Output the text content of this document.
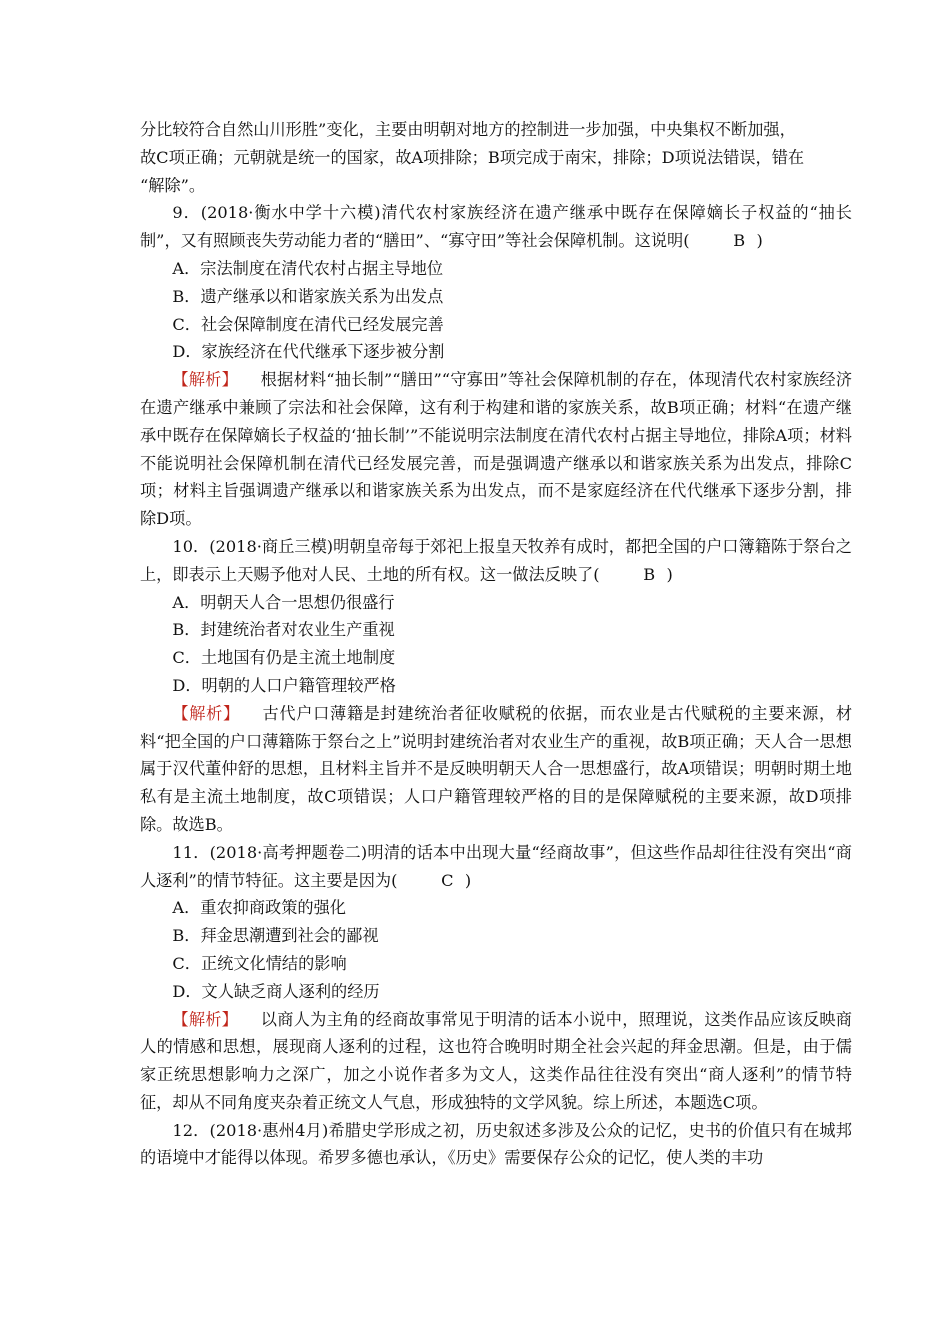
分比较符合自然山川形胜”变化，主要由明朝对地方的控制进一步加强，中央集权不断加强，

故C项正确；元朝就是统一的国家，故A项排除；B项完成于南宋，排除；D项说法错误，错在

“解除”。

9．(2018·衡水中学十六模)清代农村家族经济在遗产继承中既存在保障嫡长子权益的“抽长制”，又有照顾丧失劳动能力者的“膳田”、“寡守田”等社会保障机制。这说明(	B )

A．宗法制度在清代农村占据主导地位

B．遗产继承以和谐家族关系为出发点

C．社会保障制度在清代已经发展完善

D．家族经济在代代继承下逐步被分割

【解析】 根据材料“抽长制”“膳田”“守寡田”等社会保障机制的存在，体现清代农村家族经济在遗产继承中兼顾了宗法和社会保障，这有利于构建和谐的家族关系，故B项正确；材料“在遗产继承中既存在保障嫡长子权益的‘抽长制’”不能说明宗法制度在清代农村占据主导地位，排除A项；材料不能说明社会保障机制在清代已经发展完善，而是强调遗产继承以和谐家族关系为出发点，排除C项；材料主旨强调遗产继承以和谐家族关系为出发点，而不是家庭经济在代代继承下逐步分割，排除D项。

10．(2018·商丘三模)明朝皇帝每于郊祀上报皇天牧养有成时，都把全国的户口簿籍陈于祭台之上，即表示上天赐予他对人民、土地的所有权。这一做法反映了(	B )

A．明朝天人合一思想仍很盛行

B．封建统治者对农业生产重视

C．土地国有仍是主流土地制度

D．明朝的人口户籍管理较严格

【解析】 古代户口薄籍是封建统治者征收赋税的依据，而农业是古代赋税的主要来源，材料“把全国的户口薄籍陈于祭台之上”说明封建统治者对农业生产的重视，故B项正确；天人合一思想属于汉代董仲舒的思想，且材料主旨并不是反映明朝天人合一思想盛行，故A项错误；明朝时期土地私有是主流土地制度，故C项错误；人口户籍管理较严格的目的是保障赋税的主要来源，故D项排除。故选B。

11．(2018·高考押题卷二)明清的话本中出现大量“经商故事”，但这些作品却往往没有突出“商人逐利”的情节特征。这主要是因为(	C )

A．重农抑商政策的强化

B．拜金思潮遭到社会的鄙视

C．正统文化情结的影响

D．文人缺乏商人逐利的经历

【解析】 以商人为主角的经商故事常见于明清的话本小说中，照理说，这类作品应该反映商人的情感和思想，展现商人逐利的过程，这也符合晚明时期全社会兴起的拜金思潮。但是，由于儒家正统思想影响力之深广，加之小说作者多为文人，这类作品往往没有突出“商人逐利”的情节特征，却从不同角度夹杂着正统文人气息，形成独特的文学风貌。综上所述，本题选C项。

12．(2018·惠州4月)希腊史学形成之初，历史叙述多涉及公众的记忆，史书的价值只有在城邦的语境中才能得以体现。希罗多德也承认，《历史》需要保存公众的记忆，使人类的丰功
